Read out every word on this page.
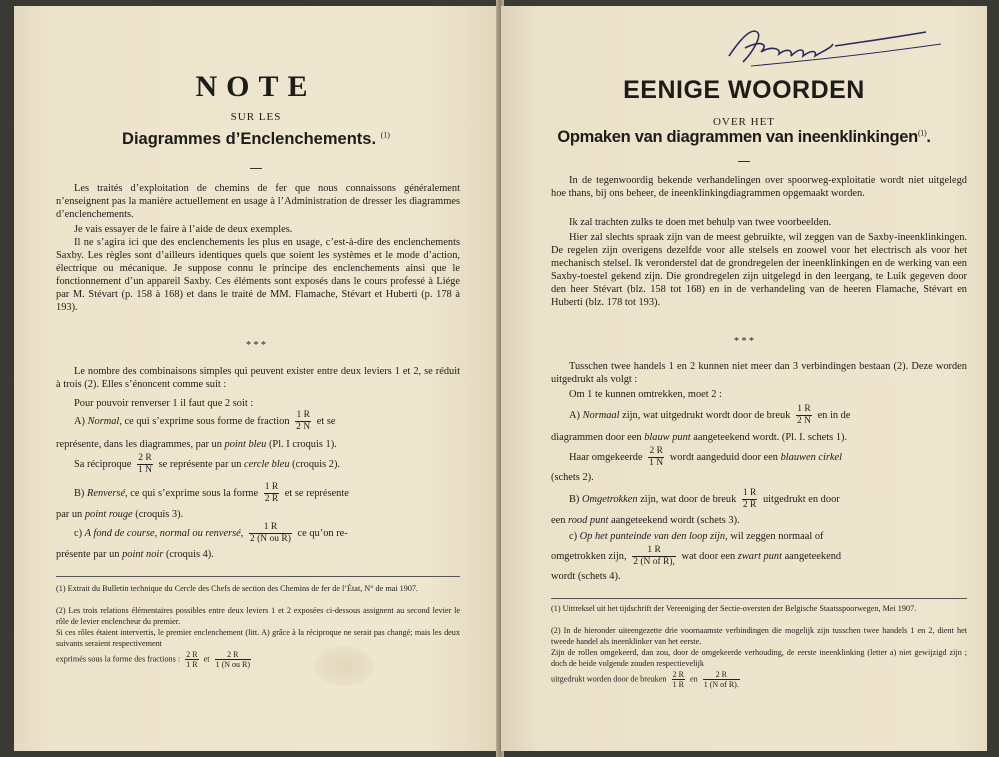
NOTE
SUR LES
Diagrammes d’Enclenchements. $^{(1)}$
Les traités d’exploitation de chemins de fer que nous connaissons généralement n’enseignent pas la manière actuellement en usage à l’Administration de dresser les diagrammes d’enclenchements.
Je vais essayer de le faire à l’aide de deux exemples.
Il ne s’agira ici que des enclenchements les plus en usage, c’est-à-dire des enclenchements Saxby. Les règles sont d’ailleurs identiques quels que soient les systèmes et le mode d’action, électrique ou mécanique. Je suppose connu le principe des enclenchements ainsi que le fonctionnement d’un appareil Saxby. Ces éléments sont exposés dans le cours professé à Liége par M. Stévart (p. 158 à 168) et dans le traité de MM. Flamache, Stévart et Huberti (p. 178 à 193).
* * *
Le nombre des combinaisons simples qui peuvent exister entre deux leviers 1 et 2, se réduit à trois (2). Elles s’énoncent comme suit :
Pour pouvoir renverser 1 il faut que 2 soit :
A) Normal, ce qui s’exprime sous forme de fraction $\frac{1 R}{2 N}$ et se
représente, dans les diagrammes, par un point bleu (Pl. I croquis 1).
Sa réciproque $\frac{2 R}{1 N}$ se représente par un cercle bleu (croquis 2).
B) Renversé, ce qui s’exprime sous la forme $\frac{1 R}{2 R}$ et se représente
par un point rouge (croquis 3).
c) A fond de course, normal ou renversé, $\frac{1 R}{\text{2 (N ou R)}}$ ce qu’on re-
présente par un point noir (croquis 4).
(1) Extrait du Bulletin technique du Cercle des Chefs de section des Chemins de fer de l’État, N° de mai 1907.
(2) Les trois relations élémentaires possibles entre deux leviers 1 et 2 exposées ci-dessous assignent au second levier le rôle de levier enclencheur du premier.
Si ces rôles étaient intervertis, le premier enclenchement (litt. A) grâce à la réciproque ne serait pas changé; mais les deux suivants seraient respectivement
exprimés sous la forme des fractions : $\frac{2 R}{1 R}$ et $\frac{2 R}{\text{1 (N ou R)}}$
EENIGE WOORDEN
OVER HET
Opmaken van diagrammen van ineenklinkingen$^{(1)}$.
In de tegenwoordig bekende verhandelingen over spoorweg-exploitatie wordt niet uitgelegd hoe thans, bij ons beheer, de ineenklinkingdiagrammen opgemaakt worden.
Ik zal trachten zulks te doen met behulp van twee voorbeelden.
Hier zal slechts spraak zijn van de meest gebruikte, wil zeggen van de Saxby-ineenklinkingen. De regelen zijn overigens dezelfde voor alle stelsels en zoowel voor het electrisch als voor het mechanisch stelsel. Ik veronderstel dat de grondregelen der ineenklinkingen en de werking van een Saxby-toestel gekend zijn. Die grondregelen zijn uitgelegd in den leergang, te Luik gegeven door den heer Stévart (blz. 158 tot 168) en in de verhandeling van de heeren Flamache, Stévart en Huberti (blz. 178 tot 193).
* * *
Tusschen twee handels 1 en 2 kunnen niet meer dan 3 verbindingen bestaan (2). Deze worden uitgedrukt als volgt :
Om 1 te kunnen omtrekken, moet 2 :
A) Normaal zijn, wat uitgedrukt wordt door de breuk $\frac{1 R}{2 N}$ en in de
diagrammen door een blauw punt aangeteekend wordt. (Pl. I. schets 1).
Haar omgekeerde $\frac{2 R}{1 N}$ wordt aangeduid door een blauwen cirkel
(schets 2).
B) Omgetrokken zijn, wat door de breuk $\frac{1 R}{2 R}$ uitgedrukt en door
een rood punt aangeteekend wordt (schets 3).
c) Op het punteinde van den loop zijn, wil zeggen normaal of
omgetrokken zijn, $\frac{1 R}{\text{2 (N of R),}}$ wat door een zwart punt aangeteekend
wordt (schets 4).
(1) Uittreksel uit het tijdschrift der Vereeniging der Sectie-oversten der Belgische Staatsspoorwegen, Mei 1907.
(2) In de hieronder uiteengezette drie voornaamste verbindingen die mogelijk zijn tusschen twee handels 1 en 2, dient het tweede handel als ineenklinker van het eerste.
Zijn de rollen omgekeerd, dan zou, door de omgekeerde verhouding, de eerste ineenklinking (letter a) niet gewijzigd zijn ; doch de beide volgende zouden respectievelijk
uitgedrukt worden door de breuken $\frac{2 R}{1 R}$ en $\frac{2 R}{\text{1 (N of R).}}$
